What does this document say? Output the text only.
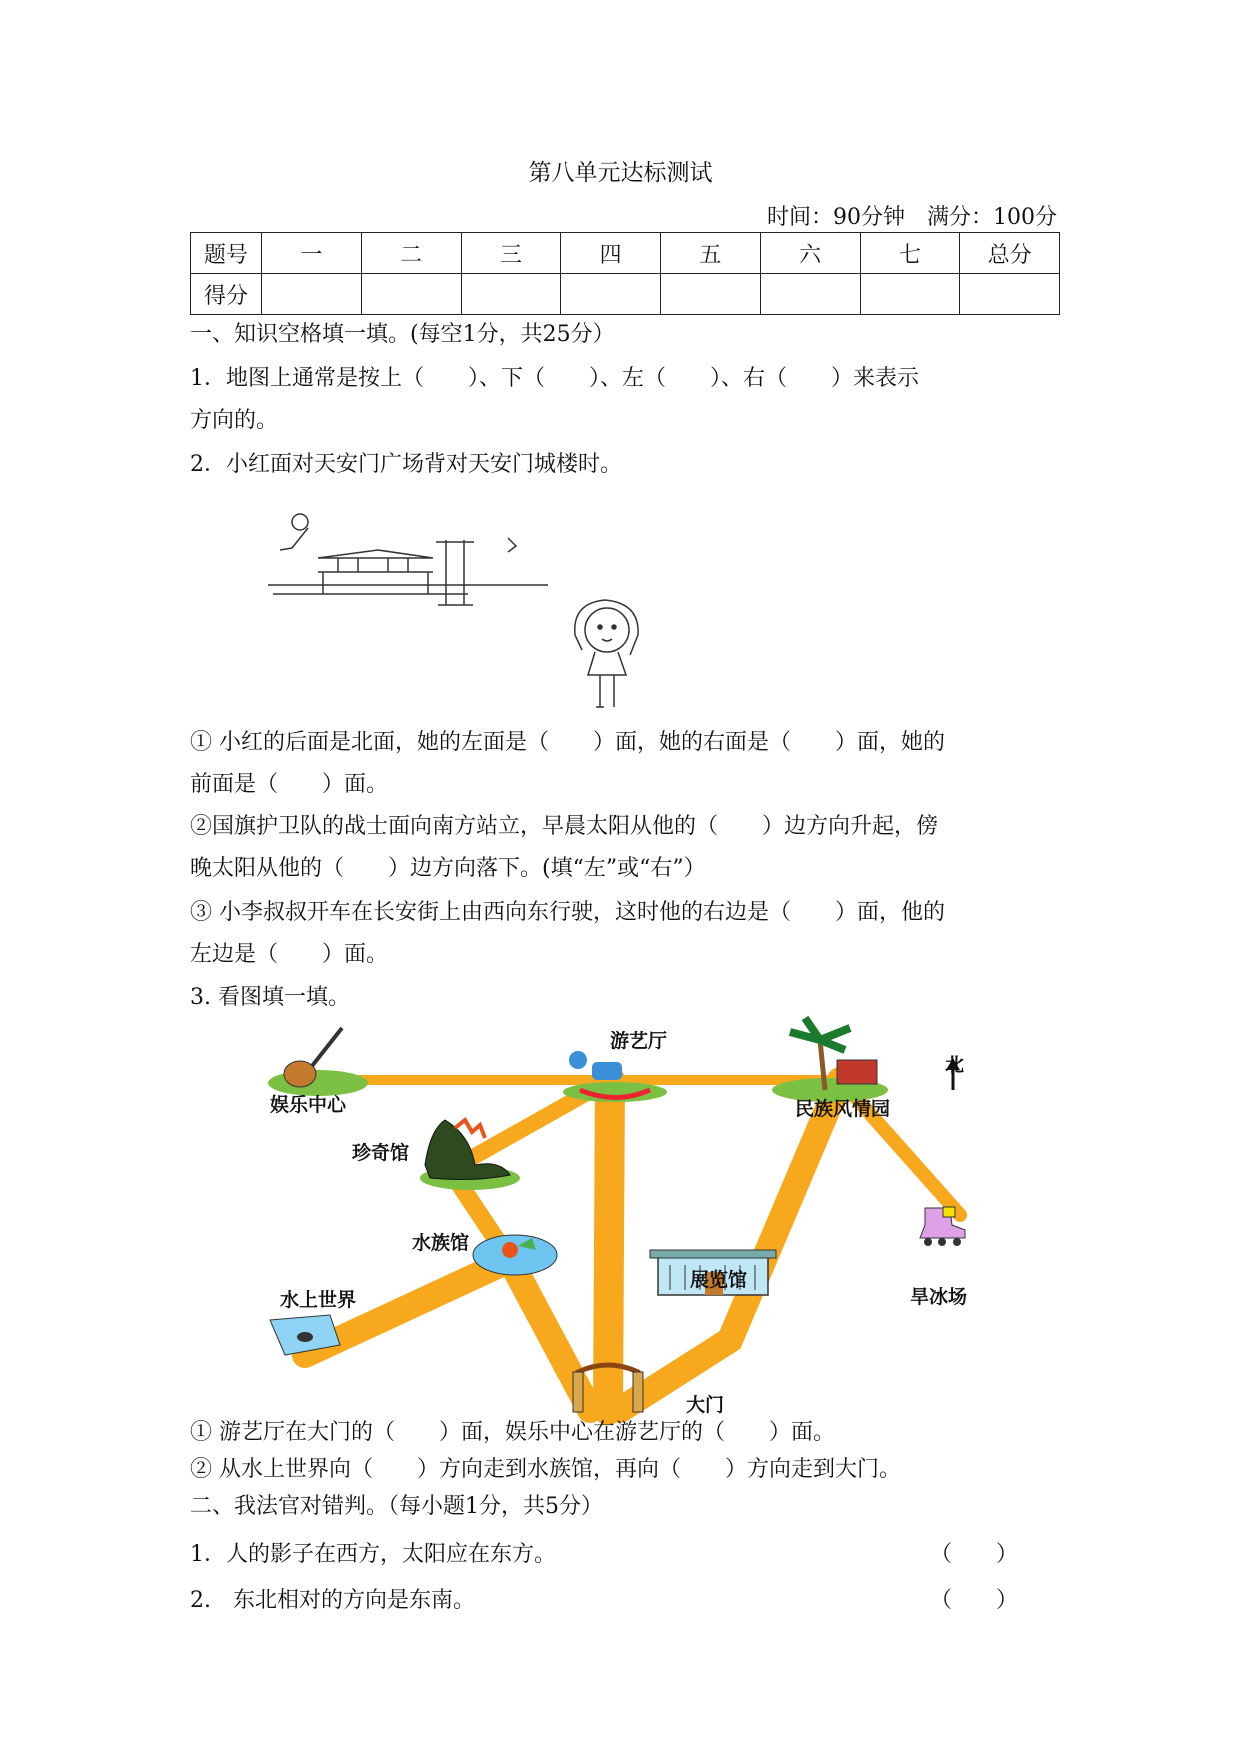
第八单元达标测试
时间：90分钟　满分：100分
题号	一	二	三	四	五	六	七	总分
得分								
一、知识空格填一填。(每空1分，共25分）
1．地图上通常是按上（　　）、下（　　）、左（　　）、右（　　）来表示
方向的。
2．小红面对天安门广场背对天安门城楼时。
① 小红的后面是北面，她的左面是（　　）面，她的右面是（　　）面，她的
前面是（　　）面。
②国旗护卫队的战士面向南方站立，早晨太阳从他的（　　）边方向升起，傍
晚太阳从他的（　　）边方向落下。(填“左”或“右”）
③ 小李叔叔开车在长安街上由西向东行驶，这时他的右边是（　　）面，他的
左边是（　　）面。
3. 看图填一填。
游艺厅
娱乐中心	民族风情园
北
珍奇馆
水族馆
水上世界
展览馆
旱冰场
大门
① 游艺厅在大门的（　　）面，娱乐中心在游艺厅的（　　）面。
② 从水上世界向（　　）方向走到水族馆，再向（　　）方向走到大门。
二、我法官对错判。（每小题1分，共5分）
1．人的影子在西方，太阳应在东方。	（　　）
2.　东北相对的方向是东南。	（　　）
